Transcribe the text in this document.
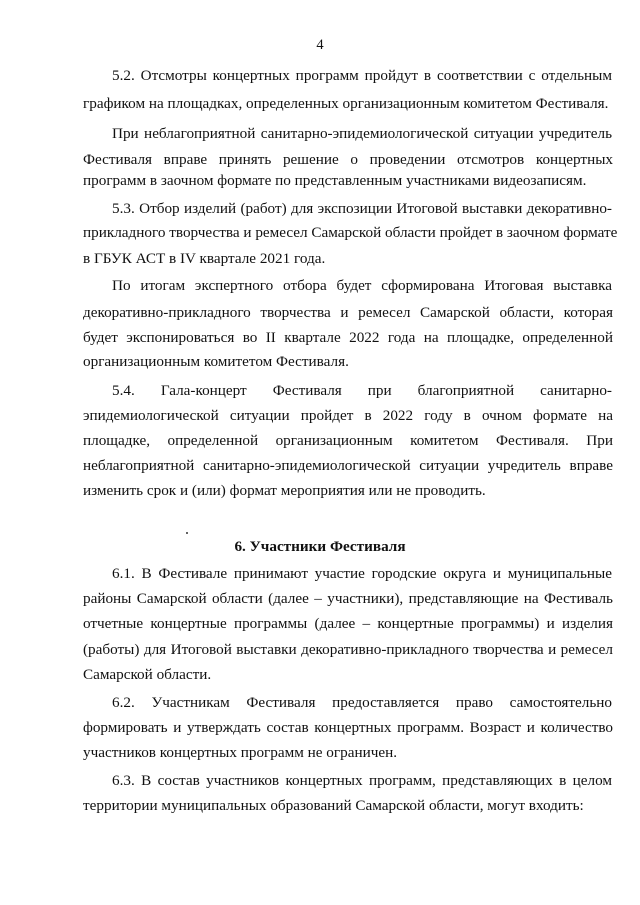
4
5.2. Отсмотры концертных программ пройдут в соответствии с отдельным
графиком на площадках, определенных организационным комитетом Фестиваля.
При неблагоприятной санитарно-эпидемиологической ситуации учредитель
Фестиваля вправе принять решение о проведении отсмотров концертных
программ в заочном формате по представленным участниками видеозаписям.
5.3. Отбор изделий (работ) для экспозиции Итоговой выставки декоративно-
прикладного творчества и ремесел Самарской области пройдет в заочном формате
в ГБУК АСТ в IV квартале 2021 года.
По итогам экспертного отбора будет сформирована Итоговая выставка
декоративно-прикладного творчества и ремесел Самарской области, которая
будет экспонироваться во II квартале 2022 года на площадке, определенной
организационным комитетом Фестиваля.
5.4. Гала-концерт Фестиваля при благоприятной санитарно-
эпидемиологической ситуации пройдет в 2022 году в очном формате на
площадке, определенной организационным комитетом Фестиваля. При
неблагоприятной санитарно-эпидемиологической ситуации учредитель вправе
изменить срок и (или) формат мероприятия или не проводить.
6. Участники Фестиваля
6.1. В Фестивале принимают участие городские округа и муниципальные
районы Самарской области (далее – участники), представляющие на Фестиваль
отчетные концертные программы (далее – концертные программы) и изделия
(работы) для Итоговой выставки декоративно-прикладного творчества и ремесел
Самарской области.
6.2. Участникам Фестиваля предоставляется право самостоятельно
формировать и утверждать состав концертных программ. Возраст и количество
участников концертных программ не ограничен.
6.3. В состав участников концертных программ, представляющих в целом
территории муниципальных образований Самарской области, могут входить:
